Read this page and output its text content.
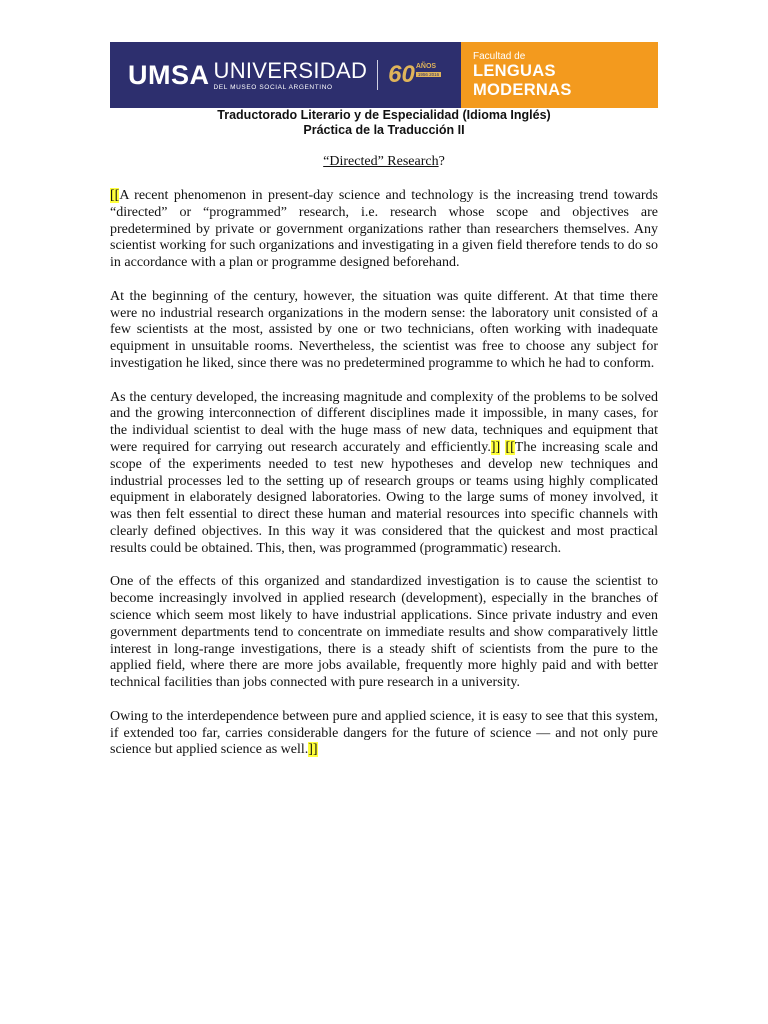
UMSA UNIVERSIDAD
DEL MUSEO SOCIAL ARGENTINO	60 AÑOS
1956 2016
Facultad de
LENGUAS MODERNAS
Traductorado Literario y de Especialidad (Idioma Inglés)
Práctica de la Traducción II
“Directed” Research?

[[A recent phenomenon in present-day science and technology is the increasing trend towards “directed” or “programmed” research, i.e. research whose scope and objectives are predetermined by private or government organizations rather than researchers themselves. Any scientist working for such organizations and investigating in a given field therefore tends to do so in accordance with a plan or programme designed beforehand.

At the beginning of the century, however, the situation was quite different. At that time there were no industrial research organizations in the modern sense: the laboratory unit consisted of a few scientists at the most, assisted by one or two technicians, often working with inadequate equipment in unsuitable rooms. Nevertheless, the scientist was free to choose any subject for investigation he liked, since there was no predetermined programme to which he had to conform.

As the century developed, the increasing magnitude and complexity of the problems to be solved and the growing interconnection of different disciplines made it impossible, in many cases, for the individual scientist to deal with the huge mass of new data, techniques and equipment that were required for carrying out research accurately and efficiently.]] [[The increasing scale and scope of the experiments needed to test new hypotheses and develop new techniques and industrial processes led to the setting up of research groups or teams using highly complicated equipment in elaborately designed laboratories. Owing to the large sums of money involved, it was then felt essential to direct these human and material resources into specific channels with clearly defined objectives. In this way it was considered that the quickest and most practical results could be obtained. This, then, was programmed (programmatic) research.

One of the effects of this organized and standardized investigation is to cause the scientist to become increasingly involved in applied research (development), especially in the branches of science which seem most likely to have industrial applications. Since private industry and even government departments tend to concentrate on immediate results and show comparatively little interest in long-range investigations, there is a steady shift of scientists from the pure to the applied field, where there are more jobs available, frequently more highly paid and with better technical facilities than jobs connected with pure research in a university.

Owing to the interdependence between pure and applied science, it is easy to see that this system, if extended too far, carries considerable dangers for the future of science — and not only pure science but applied science as well.]]
